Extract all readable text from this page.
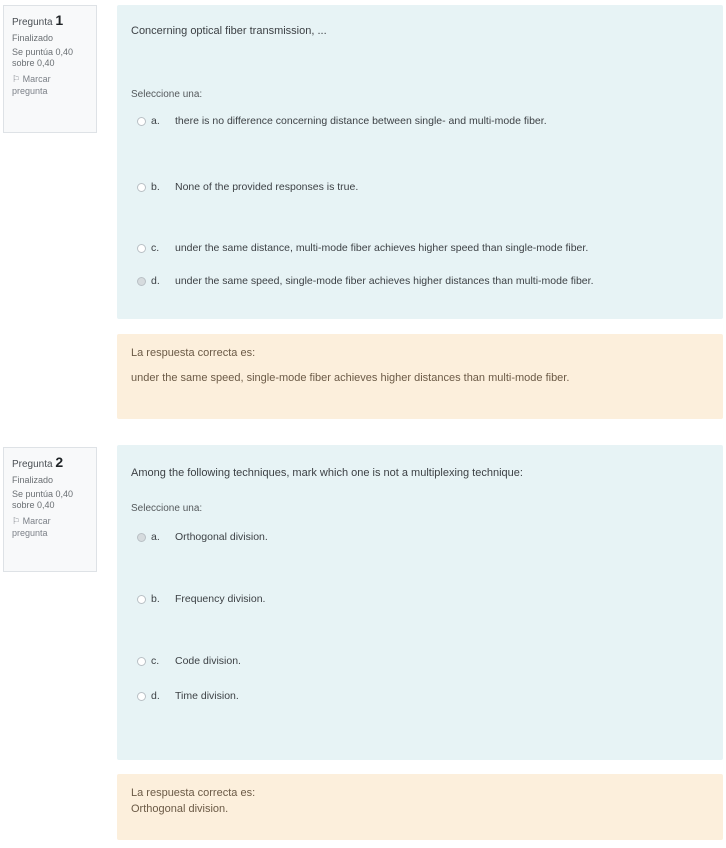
Pregunta 1
Finalizado
Se puntúa 0,40
sobre 0,40
⚐ Marcar
pregunta
Concerning optical fiber transmission, ...
Seleccione una:
a. there is no difference concerning distance between single- and multi-mode fiber.
b. None of the provided responses is true.
c. under the same distance, multi-mode fiber achieves higher speed than single-mode fiber.
d. under the same speed, single-mode fiber achieves higher distances than multi-mode fiber.
La respuesta correcta es:
under the same speed, single-mode fiber achieves higher distances than multi-mode fiber.
Pregunta 2
Finalizado
Se puntúa 0,40
sobre 0,40
⚐ Marcar
pregunta
Among the following techniques, mark which one is not a multiplexing technique:
Seleccione una:
a. Orthogonal division.
b. Frequency division.
c. Code division.
d. Time division.
La respuesta correcta es:
Orthogonal division.
